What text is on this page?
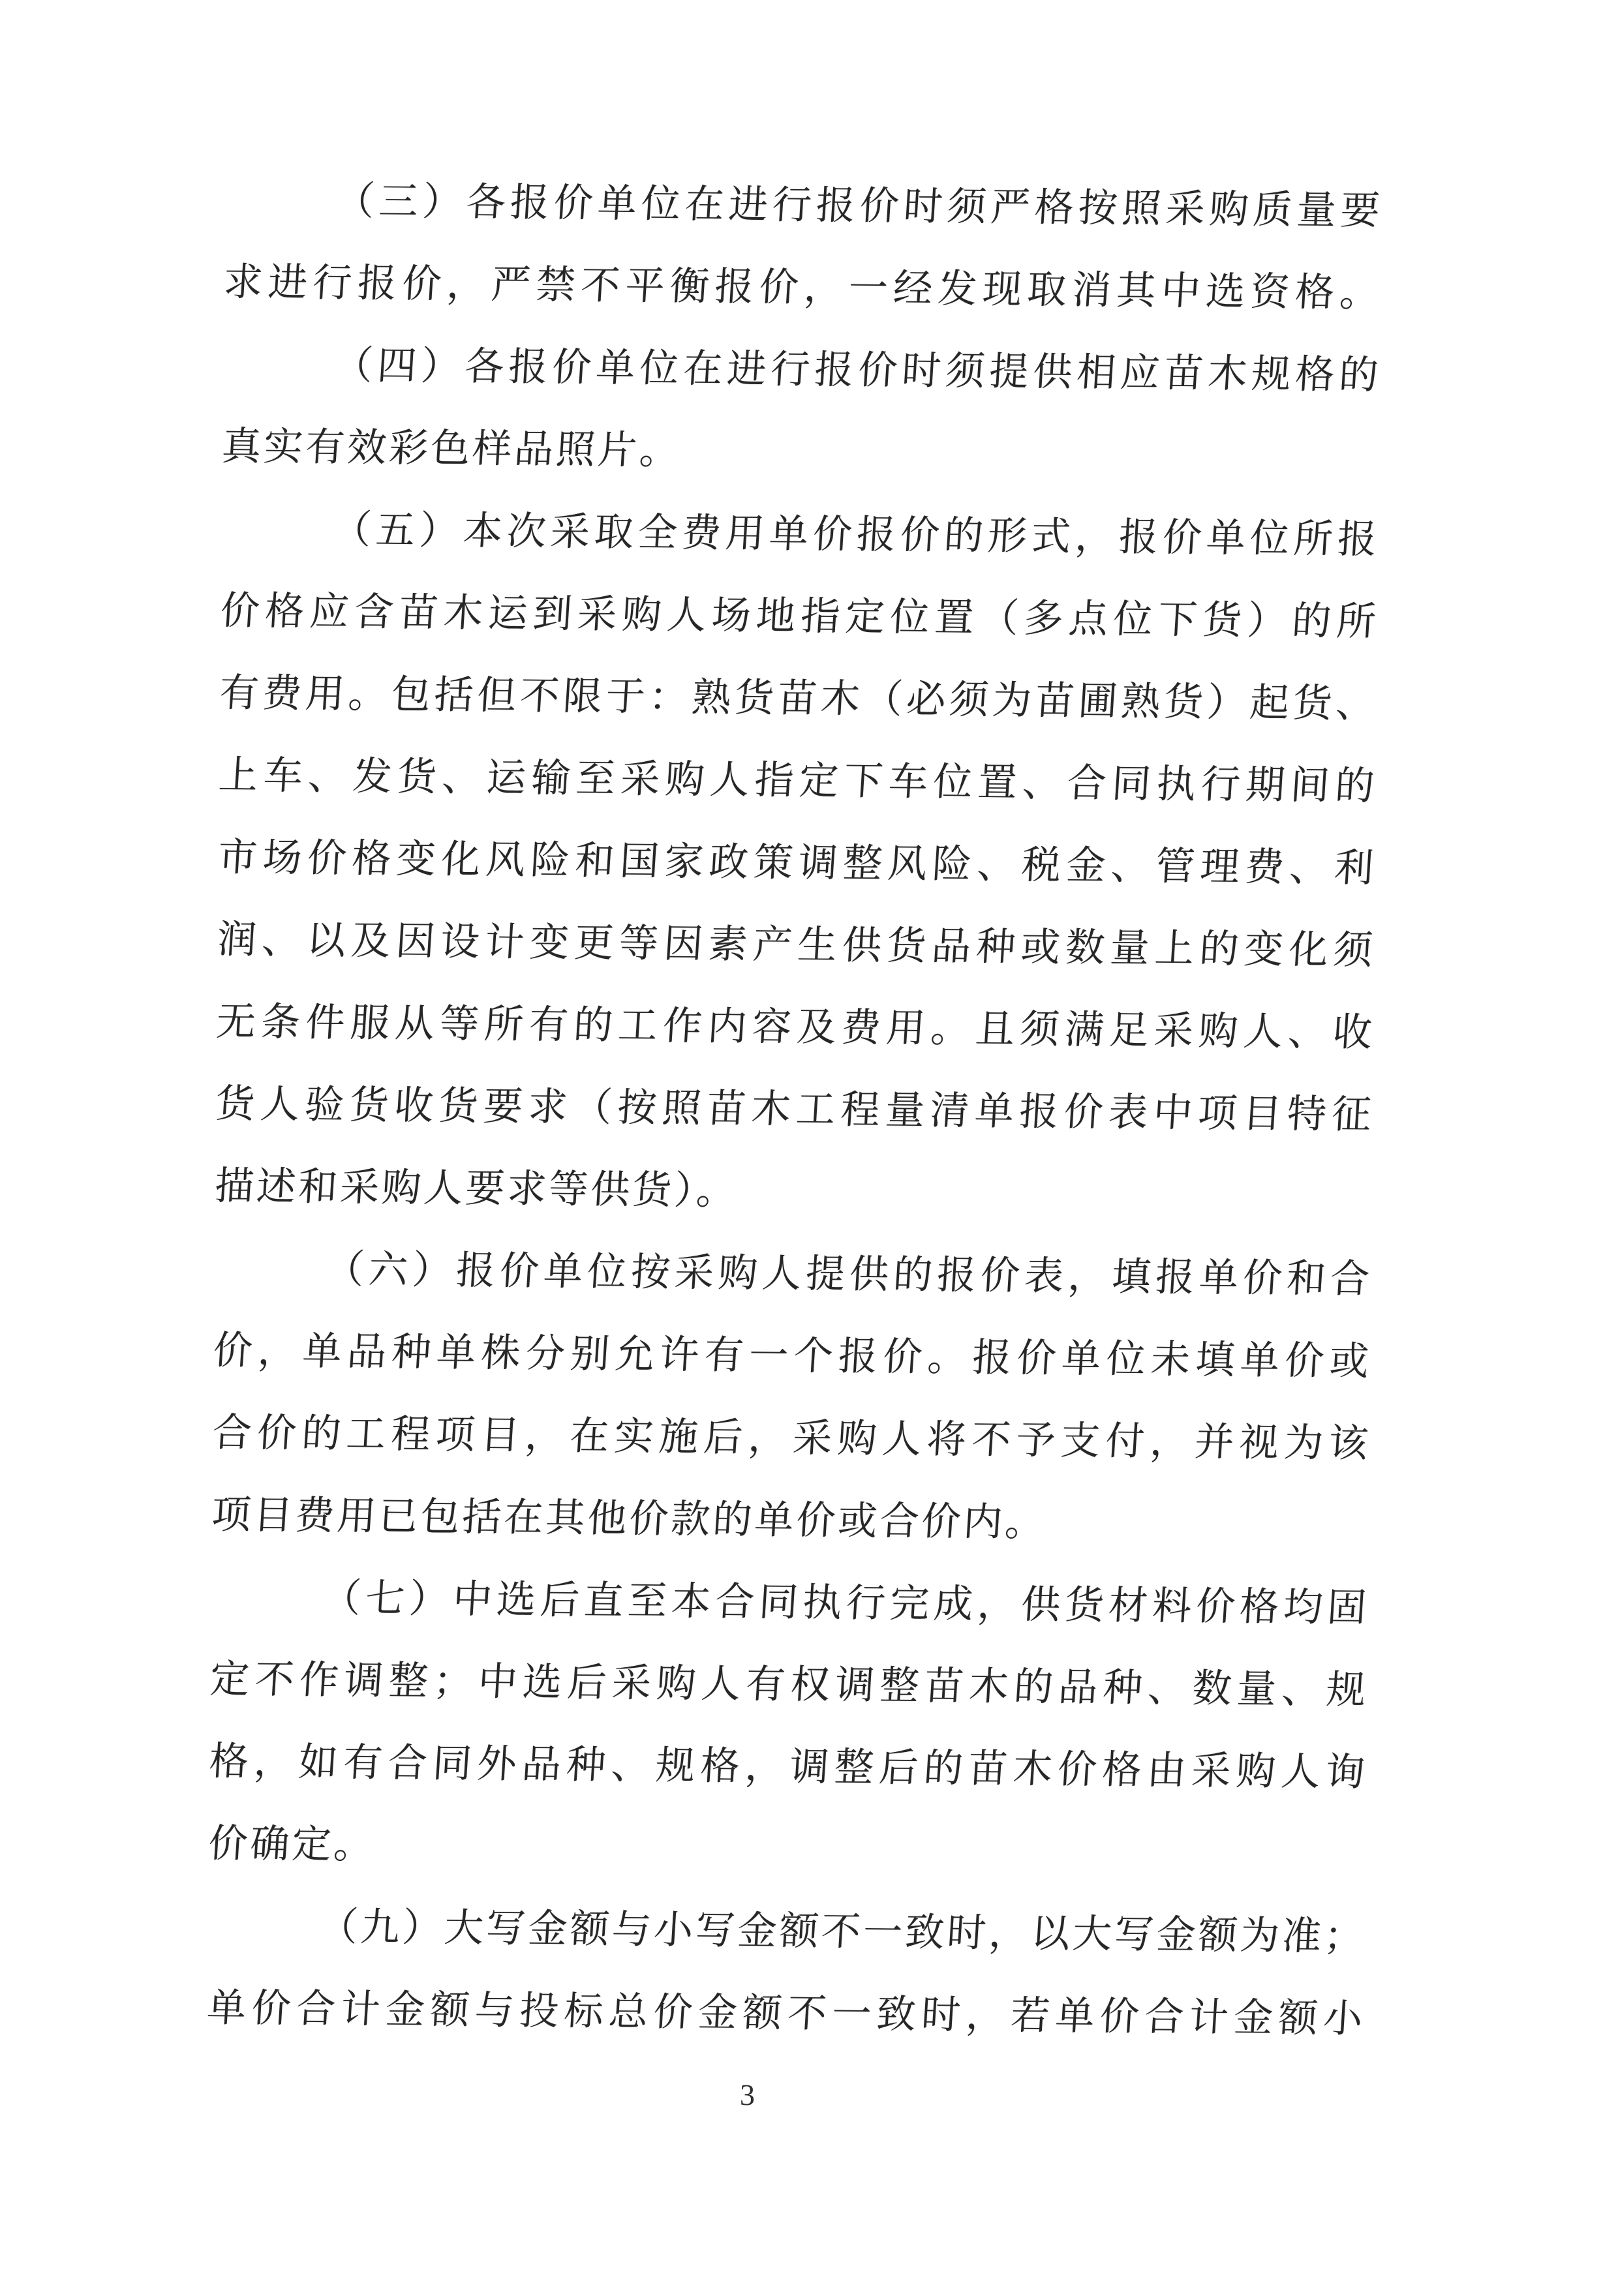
（三）各报价单位在进行报价时须严格按照采购质量要
求进行报价，严禁不平衡报价，一经发现取消其中选资格。
（四）各报价单位在进行报价时须提供相应苗木规格的
真实有效彩色样品照片。
（五）本次采取全费用单价报价的形式，报价单位所报
价格应含苗木运到采购人场地指定位置（多点位下货）的所
有费用。包括但不限于：熟货苗木（必须为苗圃熟货）起货、
上车、发货、运输至采购人指定下车位置、合同执行期间的
市场价格变化风险和国家政策调整风险、税金、管理费、利
润、以及因设计变更等因素产生供货品种或数量上的变化须
无条件服从等所有的工作内容及费用。且须满足采购人、收
货人验货收货要求（按照苗木工程量清单报价表中项目特征
描述和采购人要求等供货）。
（六）报价单位按采购人提供的报价表，填报单价和合
价，单品种单株分别允许有一个报价。报价单位未填单价或
合价的工程项目，在实施后，采购人将不予支付，并视为该
项目费用已包括在其他价款的单价或合价内。
（七）中选后直至本合同执行完成，供货材料价格均固
定不作调整；中选后采购人有权调整苗木的品种、数量、规
格，如有合同外品种、规格，调整后的苗木价格由采购人询
价确定。
（九）大写金额与小写金额不一致时，以大写金额为准；
单价合计金额与投标总价金额不一致时，若单价合计金额小
3
